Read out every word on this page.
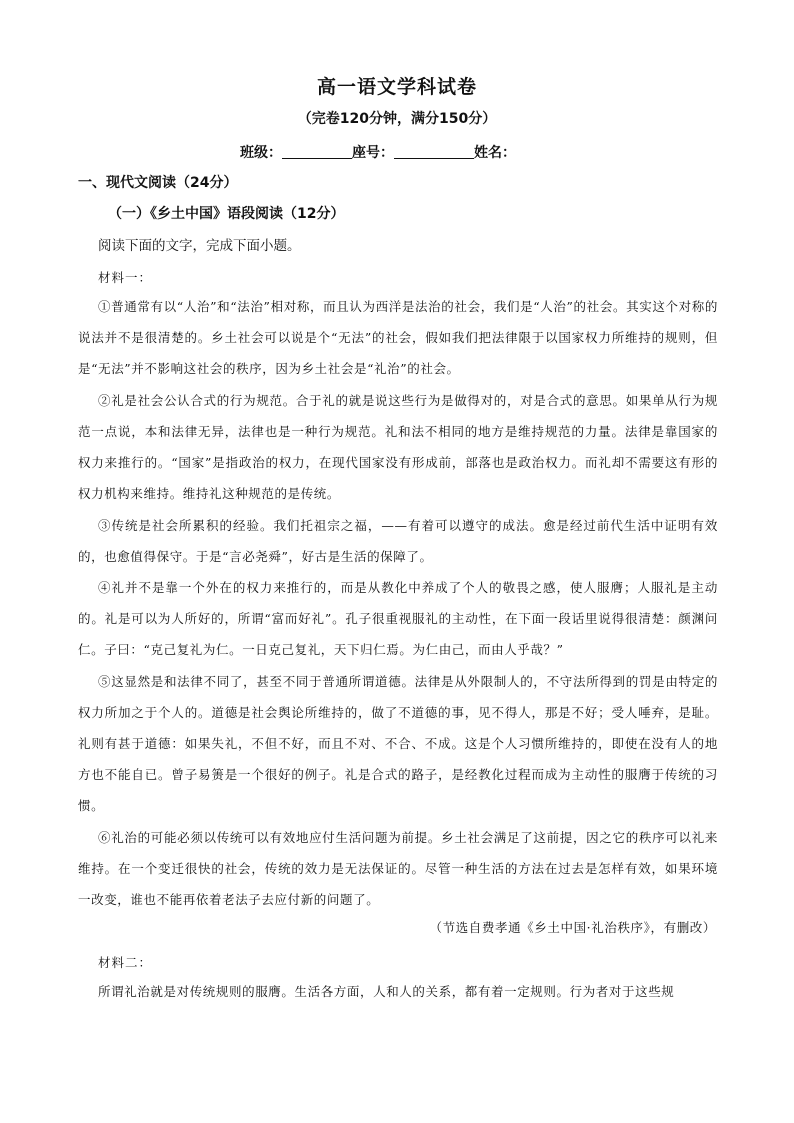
高一语文学科试卷
（完卷120分钟，满分150分）
班级：	座号：	姓名：
一、现代文阅读（24分）
（一）《乡土中国》语段阅读（12分）
阅读下面的文字，完成下面小题。
材料一：
①普通常有以“人治”和“法治”相对称，而且认为西洋是法治的社会，我们是“人治”的社会。其实这个对称的说法并不是很清楚的。乡土社会可以说是个“无法”的社会，假如我们把法律限于以国家权力所维持的规则，但是“无法”并不影响这社会的秩序，因为乡土社会是“礼治”的社会。
②礼是社会公认合式的行为规范。合于礼的就是说这些行为是做得对的，对是合式的意思。如果单从行为规范一点说，本和法律无异，法律也是一种行为规范。礼和法不相同的地方是维持规范的力量。法律是靠国家的权力来推行的。“国家”是指政治的权力，在现代国家没有形成前，部落也是政治权力。而礼却不需要这有形的权力机构来维持。维持礼这种规范的是传统。
③传统是社会所累积的经验。我们托祖宗之福，——有着可以遵守的成法。愈是经过前代生活中证明有效的，也愈值得保守。于是“言必尧舜”，好古是生活的保障了。
④礼并不是靠一个外在的权力来推行的，而是从教化中养成了个人的敬畏之感，使人服膺；人服礼是主动的。礼是可以为人所好的，所谓“富而好礼”。孔子很重视服礼的主动性，在下面一段话里说得很清楚：颜渊问仁。子曰：“克己复礼为仁。一日克己复礼，天下归仁焉。为仁由己，而由人乎哉？”
⑤这显然是和法律不同了，甚至不同于普通所谓道德。法律是从外限制人的，不守法所得到的罚是由特定的权力所加之于个人的。道德是社会舆论所维持的，做了不道德的事，见不得人，那是不好；受人唾弃，是耻。礼则有甚于道德：如果失礼，不但不好，而且不对、不合、不成。这是个人习惯所维持的，即使在没有人的地方也不能自已。曾子易箦是一个很好的例子。礼是合式的路子，是经教化过程而成为主动性的服膺于传统的习惯。
⑥礼治的可能必须以传统可以有效地应付生活问题为前提。乡土社会满足了这前提，因之它的秩序可以礼来维持。在一个变迁很快的社会，传统的效力是无法保证的。尽管一种生活的方法在过去是怎样有效，如果环境一改变，谁也不能再依着老法子去应付新的问题了。
（节选自费孝通《乡土中国·礼治秩序》，有删改）
材料二：
所谓礼治就是对传统规则的服膺。生活各方面，人和人的关系，都有着一定规则。行为者对于这些规
